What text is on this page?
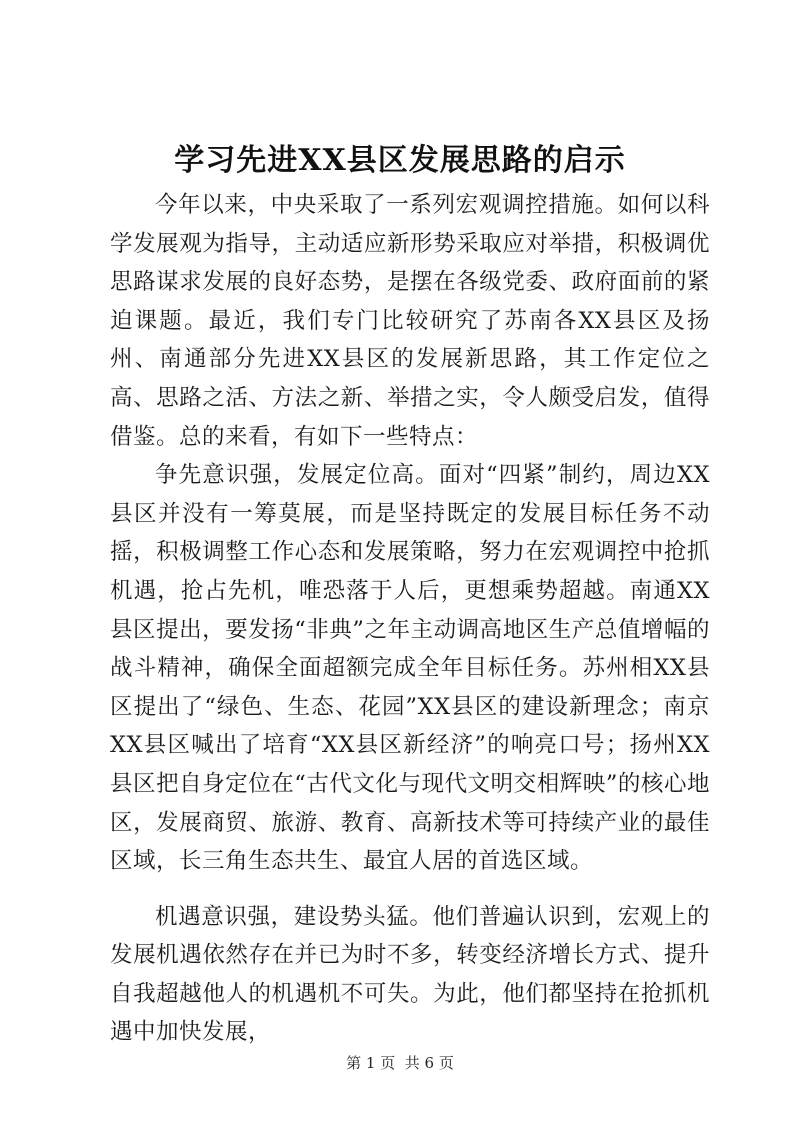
学习先进XX县区发展思路的启示

今年以来，中央采取了一系列宏观调控措施。如何以科学发展观为指导，主动适应新形势采取应对举措，积极调优思路谋求发展的良好态势，是摆在各级党委、政府面前的紧迫课题。最近，我们专门比较研究了苏南各XX县区及扬州、南通部分先进XX县区的发展新思路，其工作定位之高、思路之活、方法之新、举措之实，令人颇受启发，值得借鉴。总的来看，有如下一些特点：

争先意识强，发展定位高。面对“四紧”制约，周边XX县区并没有一筹莫展，而是坚持既定的发展目标任务不动摇，积极调整工作心态和发展策略，努力在宏观调控中抢抓机遇，抢占先机，唯恐落于人后，更想乘势超越。南通XX县区提出，要发扬“非典”之年主动调高地区生产总值增幅的战斗精神，确保全面超额完成全年目标任务。苏州相XX县区提出了“绿色、生态、花园”XX县区的建设新理念；南京XX县区喊出了培育“XX县区新经济”的响亮口号；扬州XX县区把自身定位在“古代文化与现代文明交相辉映”的核心地区，发展商贸、旅游、教育、高新技术等可持续产业的最佳区域，长三角生态共生、最宜人居的首选区域。

机遇意识强，建设势头猛。他们普遍认识到，宏观上的发展机遇依然存在并已为时不多，转变经济增长方式、提升自我超越他人的机遇机不可失。为此，他们都坚持在抢抓机遇中加快发展，

第 1 页  共 6 页
